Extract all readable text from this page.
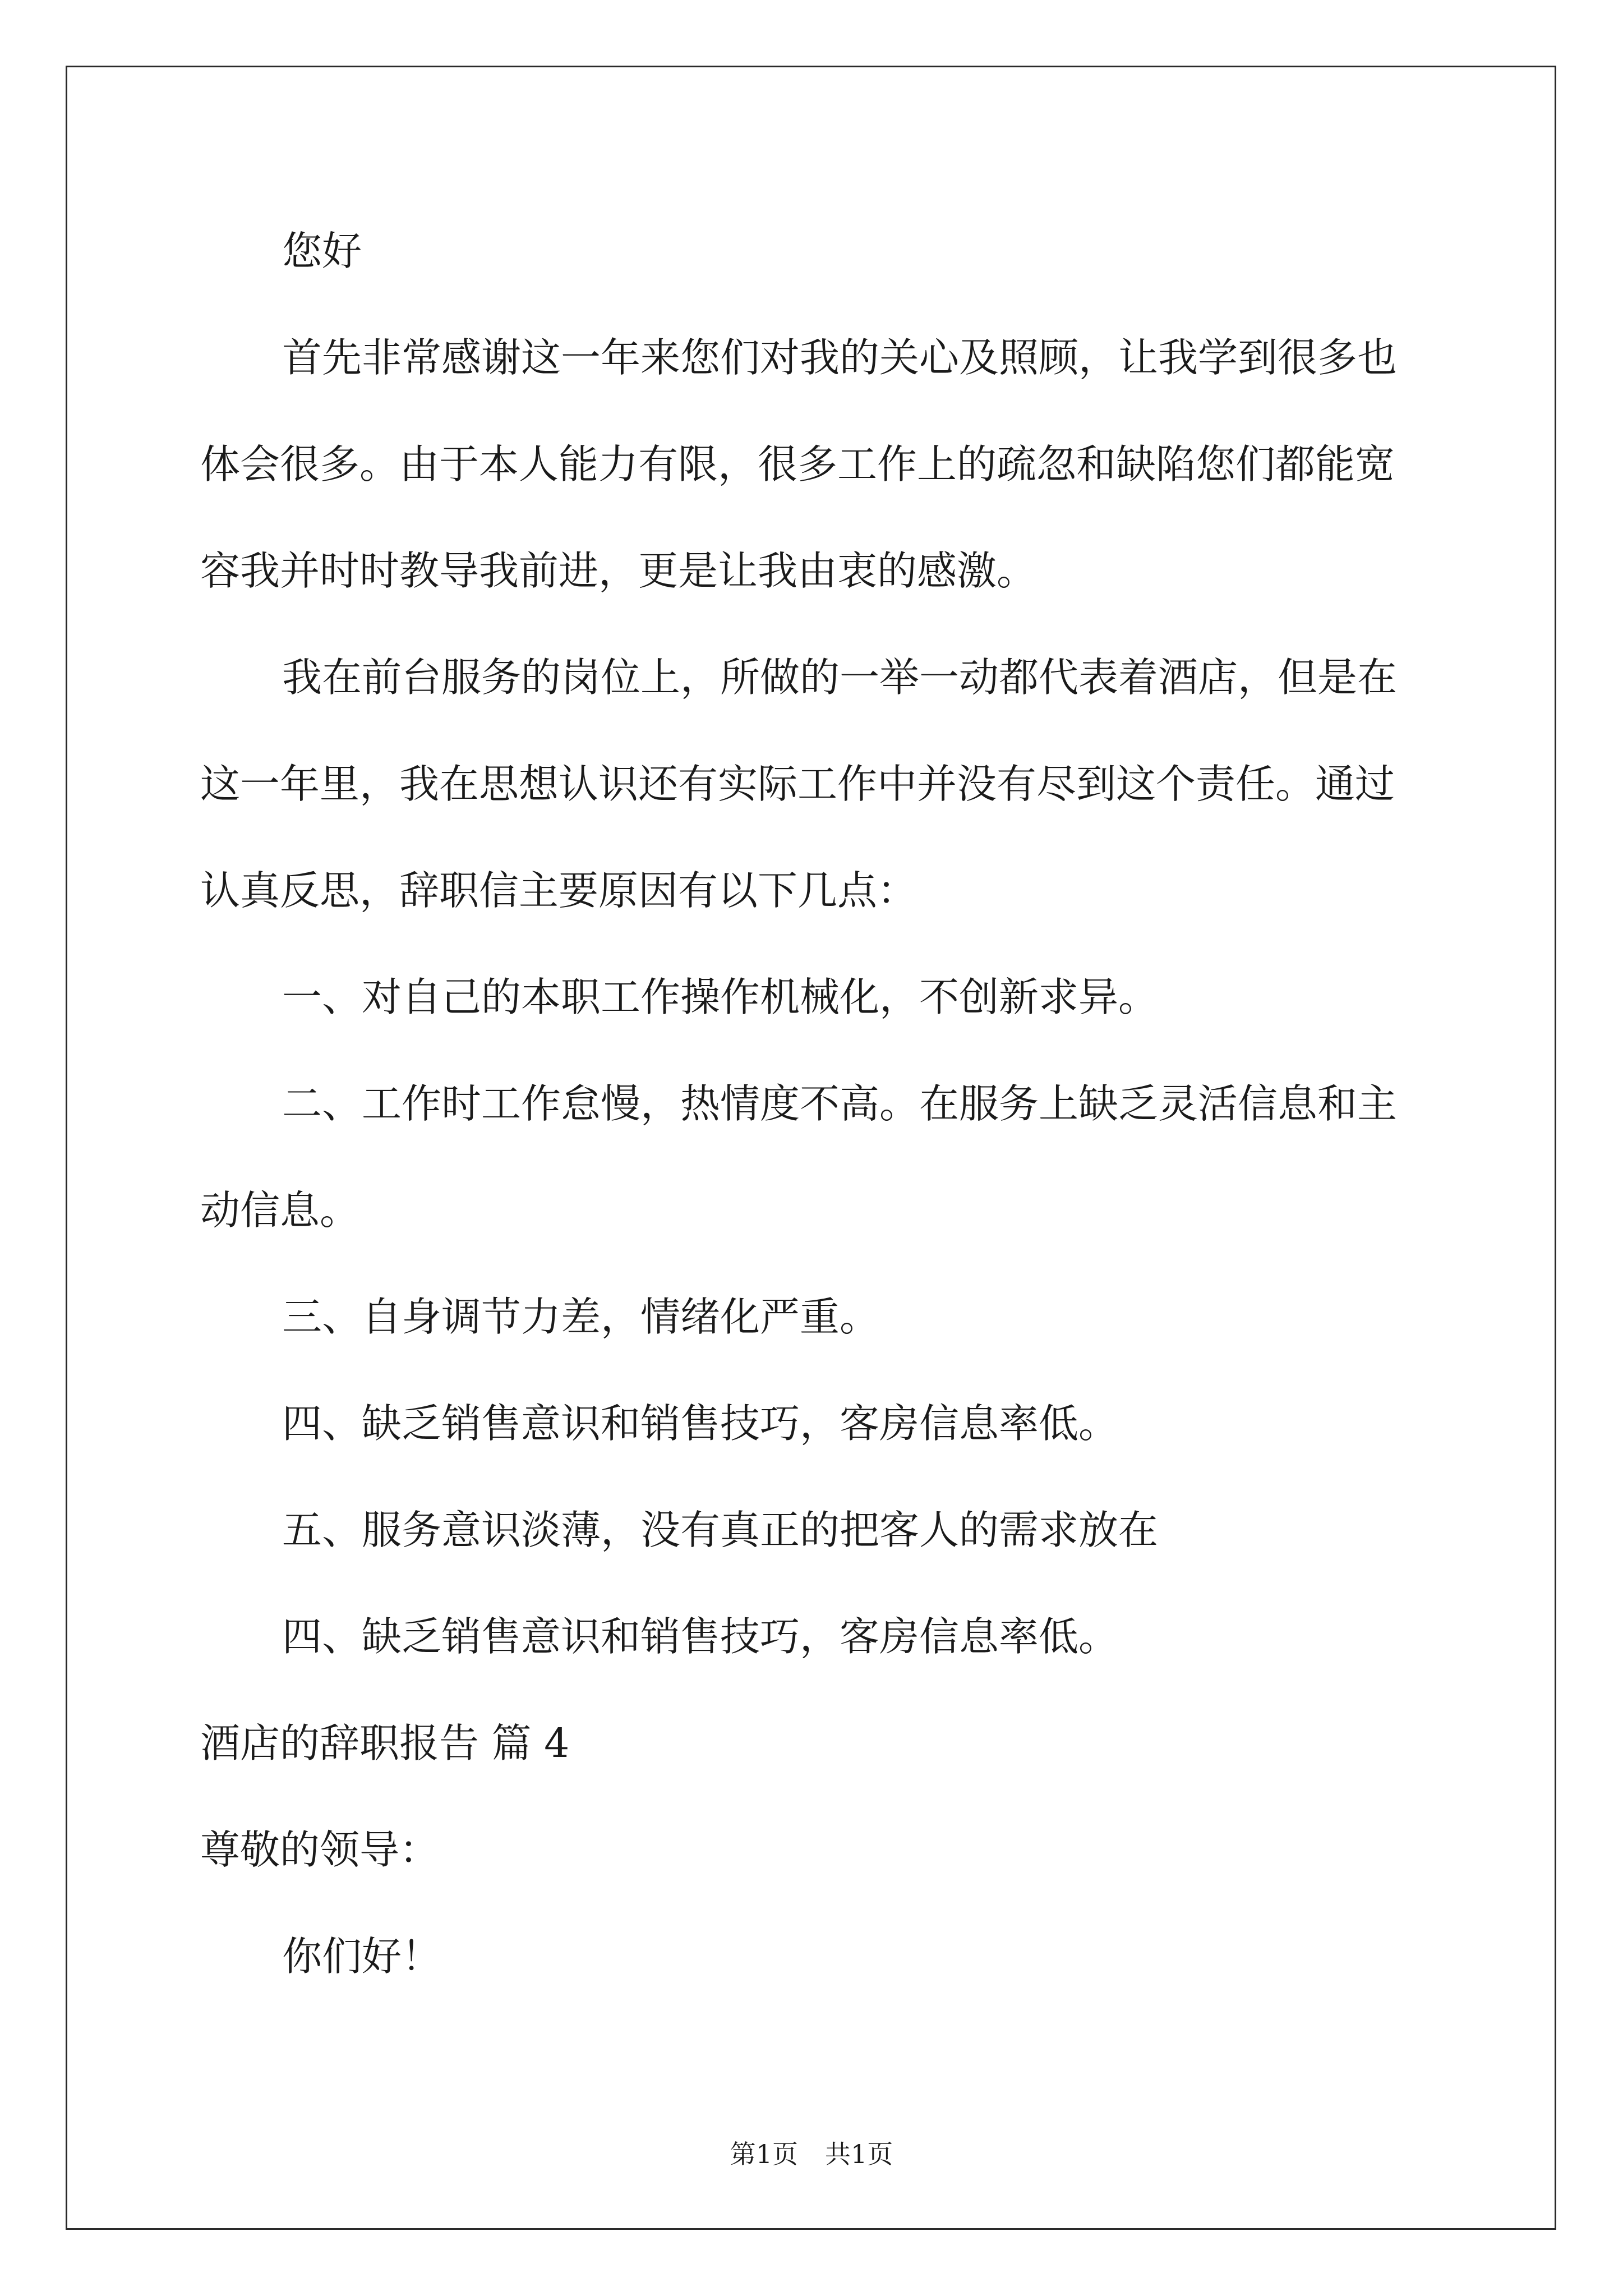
您好
首先非常感谢这一年来您们对我的关心及照顾，让我学到很多也
体会很多。由于本人能力有限，很多工作上的疏忽和缺陷您们都能宽
容我并时时教导我前进，更是让我由衷的感激。
我在前台服务的岗位上，所做的一举一动都代表着酒店，但是在
这一年里，我在思想认识还有实际工作中并没有尽到这个责任。通过
认真反思，辞职信主要原因有以下几点：
一、对自己的本职工作操作机械化，不创新求异。
二、工作时工作怠慢，热情度不高。在服务上缺乏灵活信息和主
动信息。
三、自身调节力差，情绪化严重。
四、缺乏销售意识和销售技巧，客房信息率低。
五、服务意识淡薄，没有真正的把客人的需求放在
四、缺乏销售意识和销售技巧，客房信息率低。
酒店的辞职报告 篇 4
尊敬的领导：
你们好！
第1页 共1页
